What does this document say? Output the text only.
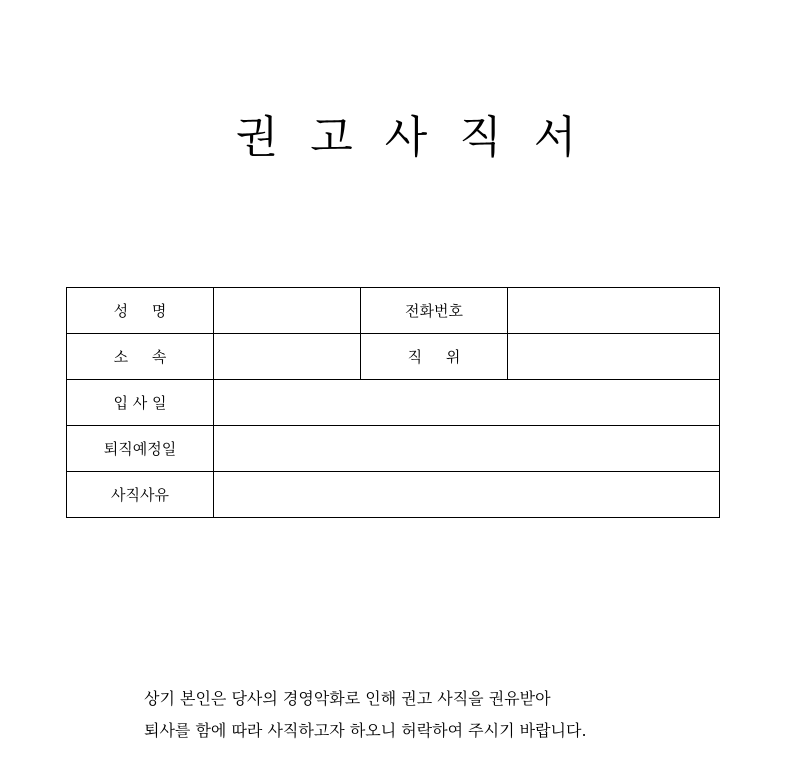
권 고 사 직 서
성     명		전화번호	
소     속		직     위	
입 사 일			
퇴직예정일			
사직사유			
상기 본인은 당사의 경영악화로 인해 권고 사직을 권유받아
퇴사를 함에 따라 사직하고자 하오니 허락하여 주시기 바랍니다.
